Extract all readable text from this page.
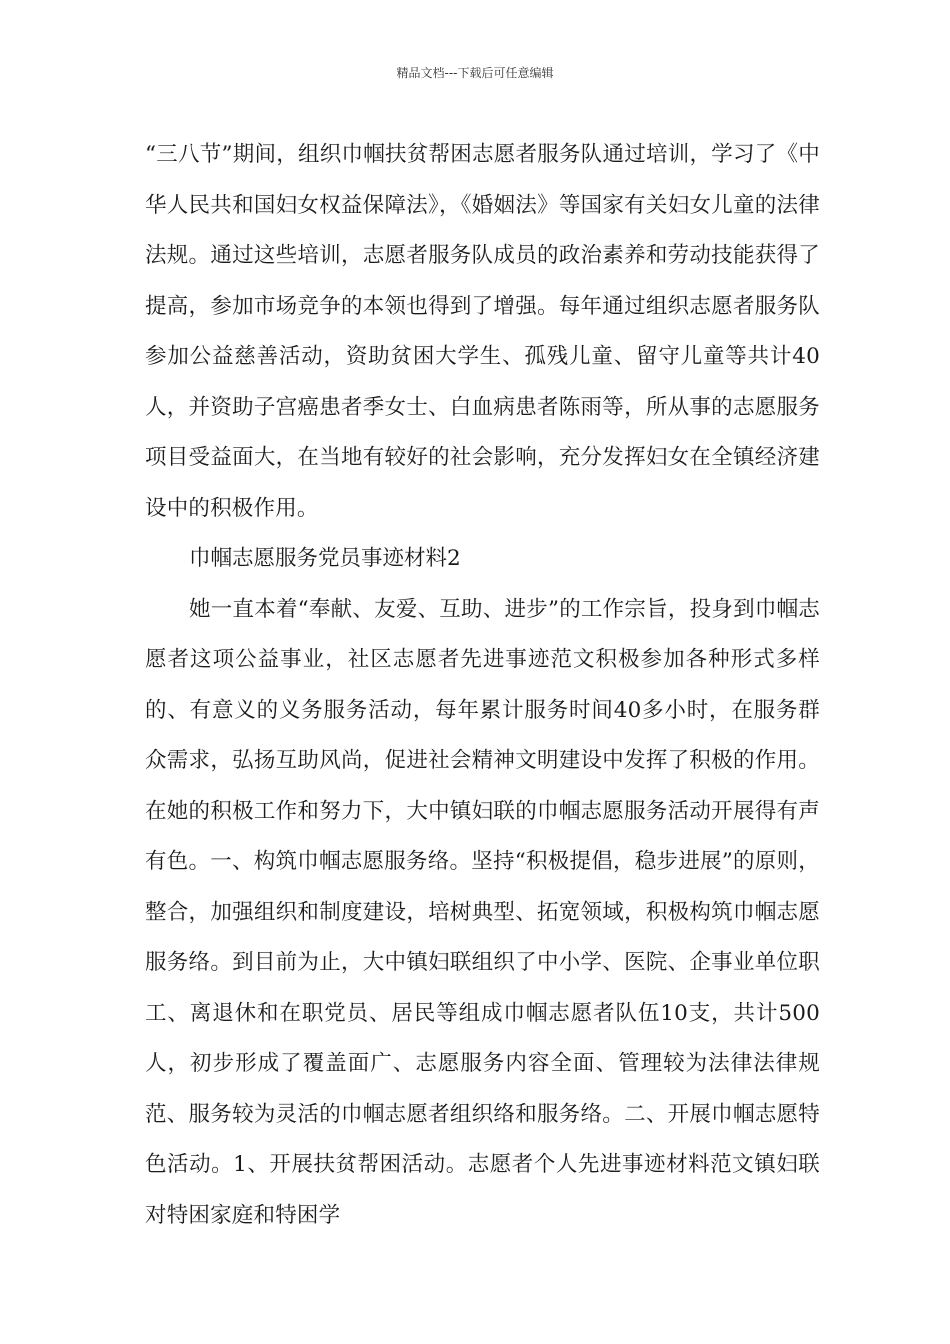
精品文档---下载后可任意编辑

“三八节”期间，组织巾帼扶贫帮困志愿者服务队通过培训，学习了《中华人民共和国妇女权益保障法》，《婚姻法》等国家有关妇女儿童的法律法规。通过这些培训，志愿者服务队成员的政治素养和劳动技能获得了提高，参加市场竞争的本领也得到了增强。每年通过组织志愿者服务队参加公益慈善活动，资助贫困大学生、孤残儿童、留守儿童等共计40人，并资助子宫癌患者季女士、白血病患者陈雨等，所从事的志愿服务项目受益面大，在当地有较好的社会影响，充分发挥妇女在全镇经济建设中的积极作用。

巾帼志愿服务党员事迹材料2

她一直本着“奉献、友爱、互助、进步”的工作宗旨，投身到巾帼志愿者这项公益事业，社区志愿者先进事迹范文积极参加各种形式多样的、有意义的义务服务活动，每年累计服务时间40多小时，在服务群众需求，弘扬互助风尚，促进社会精神文明建设中发挥了积极的作用。在她的积极工作和努力下，大中镇妇联的巾帼志愿服务活动开展得有声有色。一、构筑巾帼志愿服务络。坚持“积极提倡，稳步进展”的原则，整合，加强组织和制度建设，培树典型、拓宽领域，积极构筑巾帼志愿服务络。到目前为止，大中镇妇联组织了中小学、医院、企事业单位职工、离退休和在职党员、居民等组成巾帼志愿者队伍10支，共计500人，初步形成了覆盖面广、志愿服务内容全面、管理较为法律法律规范、服务较为灵活的巾帼志愿者组织络和服务络。二、开展巾帼志愿特色活动。1、开展扶贫帮困活动。志愿者个人先进事迹材料范文镇妇联对特困家庭和特困学
